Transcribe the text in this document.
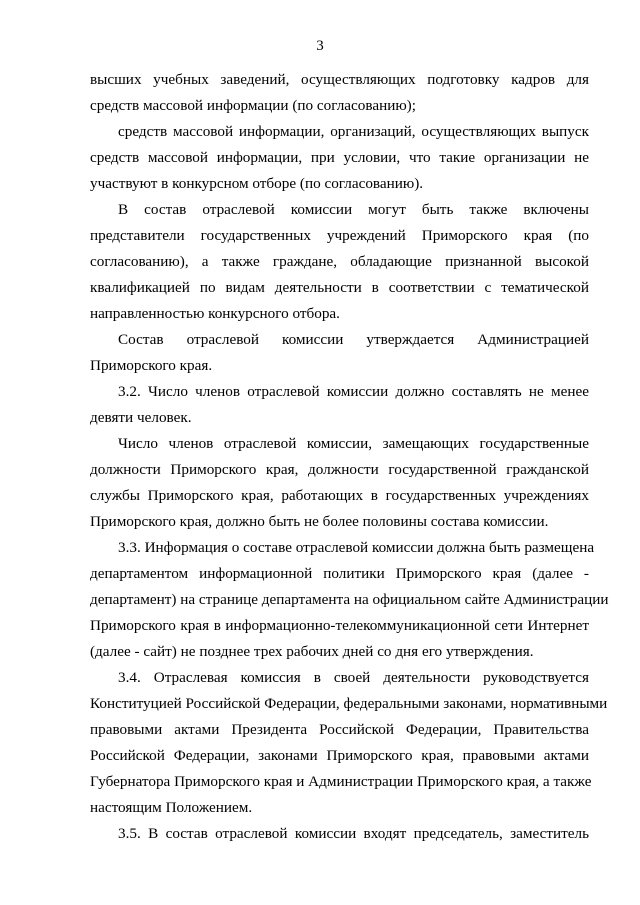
3
высших учебных заведений, осуществляющих подготовку кадров для
средств массовой информации (по согласованию);
средств массовой информации, организаций, осуществляющих выпуск
средств массовой информации, при условии, что такие организации не
участвуют в конкурсном отборе (по согласованию).
В состав отраслевой комиссии могут быть также включены
представители государственных учреждений Приморского края (по
согласованию), а также граждане, обладающие признанной высокой
квалификацией по видам деятельности в соответствии с тематической
направленностью конкурсного отбора.
Состав отраслевой комиссии утверждается Администрацией
Приморского края.
3.2. Число членов отраслевой комиссии должно составлять не менее
девяти человек.
Число членов отраслевой комиссии, замещающих государственные
должности Приморского края, должности государственной гражданской
службы Приморского края, работающих в государственных учреждениях
Приморского края, должно быть не более половины состава комиссии.
3.3. Информация о составе отраслевой комиссии должна быть размещена
департаментом информационной политики Приморского края (далее -
департамент) на странице департамента на официальном сайте Администрации
Приморского края в информационно-телекоммуникационной сети Интернет
(далее - сайт) не позднее трех рабочих дней со дня его утверждения.
3.4. Отраслевая комиссия в своей деятельности руководствуется
Конституцией Российской Федерации, федеральными законами, нормативными
правовыми актами Президента Российской Федерации, Правительства
Российской Федерации, законами Приморского края, правовыми актами
Губернатора Приморского края и Администрации Приморского края, а также
настоящим Положением.
3.5. В состав отраслевой комиссии входят председатель, заместитель
